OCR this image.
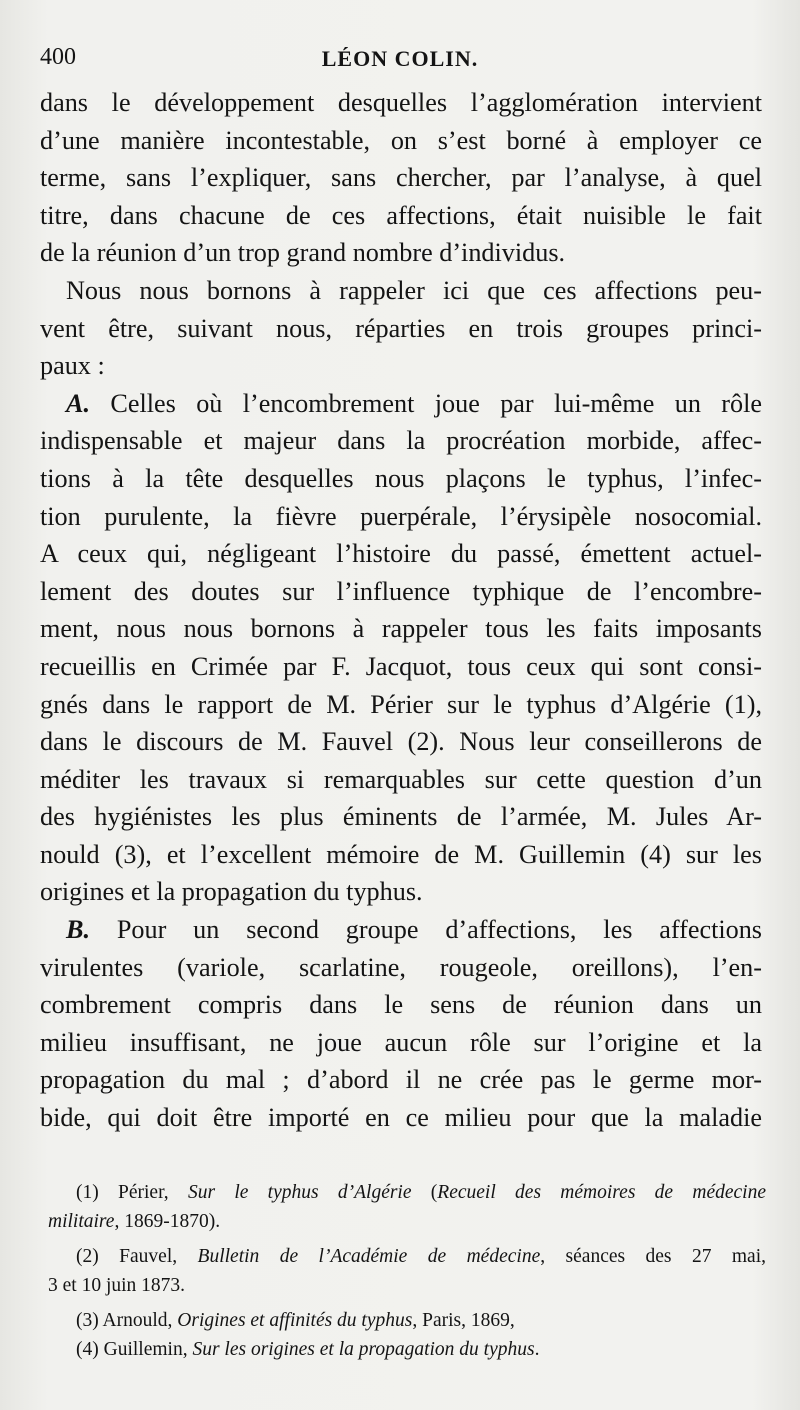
400	LÉON COLIN.
dans le développement desquelles l’agglomération intervient
d’une manière incontestable, on s’est borné à employer ce
terme, sans l’expliquer, sans chercher, par l’analyse, à quel
titre, dans chacune de ces affections, était nuisible le fait
de la réunion d’un trop grand nombre d’individus.
Nous nous bornons à rappeler ici que ces affections peu-
vent être, suivant nous, réparties en trois groupes princi-
paux :
A. Celles où l’encombrement joue par lui-même un rôle
indispensable et majeur dans la procréation morbide, affec-
tions à la tête desquelles nous plaçons le typhus, l’infec-
tion purulente, la fièvre puerpérale, l’érysipèle nosocomial.
A ceux qui, négligeant l’histoire du passé, émettent actuel-
lement des doutes sur l’influence typhique de l’encombre-
ment, nous nous bornons à rappeler tous les faits imposants
recueillis en Crimée par F. Jacquot, tous ceux qui sont consi-
gnés dans le rapport de M. Périer sur le typhus d’Algérie (1),
dans le discours de M. Fauvel (2). Nous leur conseillerons de
méditer les travaux si remarquables sur cette question d’un
des hygiénistes les plus éminents de l’armée, M. Jules Ar-
nould (3), et l’excellent mémoire de M. Guillemin (4) sur les
origines et la propagation du typhus.
B. Pour un second groupe d’affections, les affections
virulentes (variole, scarlatine, rougeole, oreillons), l’en-
combrement compris dans le sens de réunion dans un
milieu insuffisant, ne joue aucun rôle sur l’origine et la
propagation du mal ; d’abord il ne crée pas le germe mor-
bide, qui doit être importé en ce milieu pour que la maladie
(1) Périer, Sur le typhus d’Algérie (Recueil des mémoires de médecine
militaire, 1869-1870).
(2) Fauvel, Bulletin de l’Académie de médecine, séances des 27 mai,
3 et 10 juin 1873.
(3) Arnould, Origines et affinités du typhus, Paris, 1869,
(4) Guillemin, Sur les origines et la propagation du typhus.
